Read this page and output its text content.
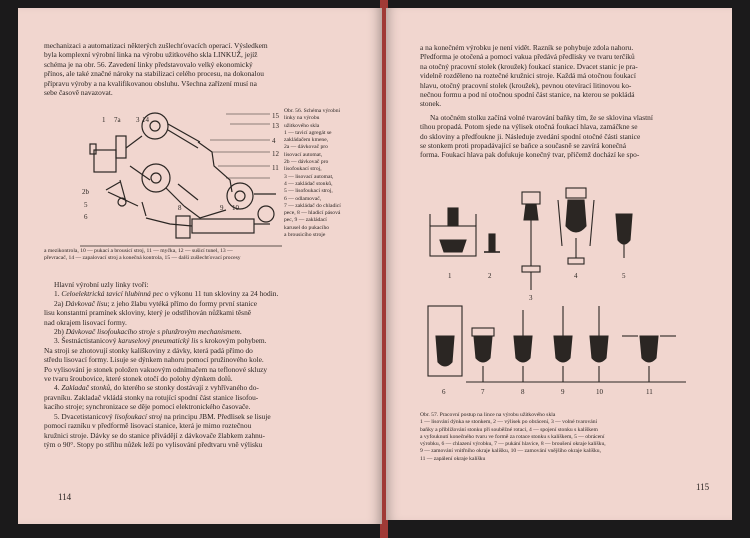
mechanizaci a automatizaci některých zušlechťovacích operací. Výsledkem

byla komplexní výrobní linka na výrobu užitkového skla LINKUŽ, jejíž

schéma je na obr. 56. Zavedení linky představovalo velký ekonomický

přínos, ale také značné nároky na stabilizaci celého procesu, na dokonalou

přípravu výroby a na kvalifikovanou obsluhu. Všechna zařízení musí na

sebe časově navazovat.

1 7a 3 14	15
13
4
12
11
2b
5
6
8	9 10

Obr. 56. Schéma výrobní

linky na výrobu

užitkového skla

1 — tavicí agregát se

zakládačem kmene,

2a — dávkovač pro

lisovací automat,

2b — dávkovač pro

lisofoukací stroj,

3 — lisovací automat,

4 — zakládač stonků,

5 — lisofoukací stroj,

6 — odlamovač,

7 — zakládač do chladicí

pece, 8 — hladicí pásová

pec, 9 — zakládací

karusel do pukacího

a brousicího stroje

a mezikontrola, 10 — pukací a brousicí stroj, 11 — myčka, 12 — sušicí tunel, 13 —

převracač, 14 — zapalovací stroj a konečná kontrola, 15 — další zušlechťovací procesy

Hlavní výrobní uzly linky tvoří:

1. Celoelektrická tavicí hlubinná pec o výkonu 11 tun skloviny za 24 hodin.

2a) Dávkovač lisu; z jeho žlabu vytéká přímo do formy první stanice

lisu konstantní pramínek skloviny, který je odstřihován nůžkami těsně

nad okrajem lisovací formy.

2b) Dávkovač lisofoukacího stroje s plunžrovým mechanismem.

3. Šestnáctistanicový karuselový pneumatický lis s krokovým pohybem.

Na stroji se zhotovují stonky kalíškoviny z dávky, která padá přímo do

středu lisovací formy. Lisuje se dýnkem nahoru pomocí pružinového kole.

Po vylisování je stonek položen vakuovým odnímačem na teflonové skluzy

ve tvaru šroubovice, které stonek otočí do polohy dýnkem dolů.

4. Zakladač stonků, do kterého se stonky dostávají z vyhřívaného do-

pravníku. Zakladač vkládá stonky na rotující spodní část stanice lisofou-

kacího stroje; synchronizace se děje pomocí elektronického časovače.

5. Dvacetistanicový lisofoukací stroj na principu JBM. Předlisek se lisuje

pomocí razníku v předformě lisovací stanice, která je mimo roztečnou

kružnici stroje. Dávky se do stanice přivádějí z dávkovače žlabkem zahnu-

tým o 90°. Stopy po střihu nůžek leží po vylisování předtvaru vně výlisku

114

a na konečném výrobku je není vidět. Razník se pohybuje zdola nahoru.

Předforma je otočená a pomocí vakua předává předlisky ve tvaru terčíků

na otočný pracovní stolek (kroužek) foukací stanice. Dvacet stanic je pra-

videlně rozděleno na roztečné kružnici stroje. Každá má otočnou foukací

hlavu, otočný pracovní stolek (kroužek), pevnou otevírací litinovou ko-

nečnou formu a pod ní otočnou spodní část stanice, na kterou se pokládá

stonek.

Na otočném stolku začíná volné tvarování baňky tím, že se sklovina vlastní

tíhou propadá. Potom sjede na výlisek otočná foukací hlava, zamáčkne se

do skloviny a předfoukne ji. Následuje zvedání spodní otočné části stanice

se stonkem proti propadávající se baňce a současně se zavírá konečná

forma. Foukací hlava pak dofukuje konečný tvar, přičemž dochází ke spo-

1	2
3
4	5
6	7	8	9	10	11

Obr. 57. Pracovní postup na lince na výrobu užitkového skla

1 — lisování dýnka se stonkem, 2 — výlisek po obrácení, 3 — volné tvarování

baňky a přibližování stonku při souběžné rotaci, 4 — spojení stonku s kalíškem

a vyfouknutí konečného tvaru ve formě za rotace stonku s kalíškem, 5 — obrácení

výrobku, 6 — chlazení výrobku, 7 — pukání hlavice, 8 — broušení okraje kalíšku,

9 — zamování vnitřního okraje kalíšku, 10 — zamování vnějšího okraje kalíšku,

11 — zapálení okraje kalíšku

115
